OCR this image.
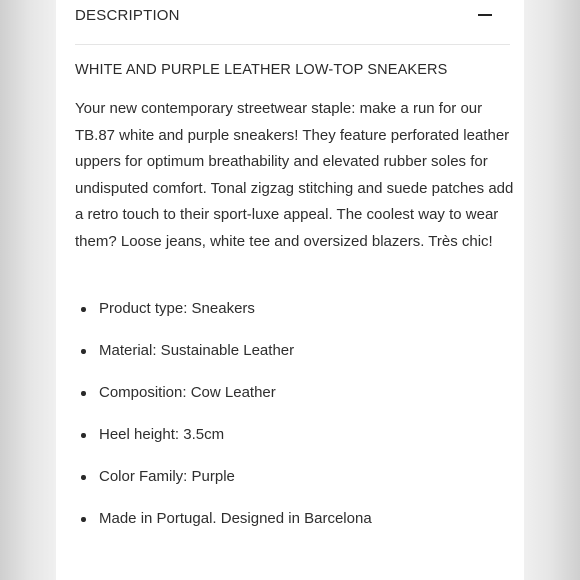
DESCRIPTION
WHITE AND PURPLE LEATHER LOW-TOP SNEAKERS

Your new contemporary streetwear staple: make a run for our TB.87 white and purple sneakers! They feature perforated leather uppers for optimum breathability and elevated rubber soles for undisputed comfort. Tonal zigzag stitching and suede patches add a retro touch to their sport-luxe appeal. The coolest way to wear them? Loose jeans, white tee and oversized blazers. Très chic!

Product type: Sneakers
Material: Sustainable Leather
Composition: Cow Leather
Heel height: 3.5cm
Color Family: Purple
Made in Portugal. Designed in Barcelona
